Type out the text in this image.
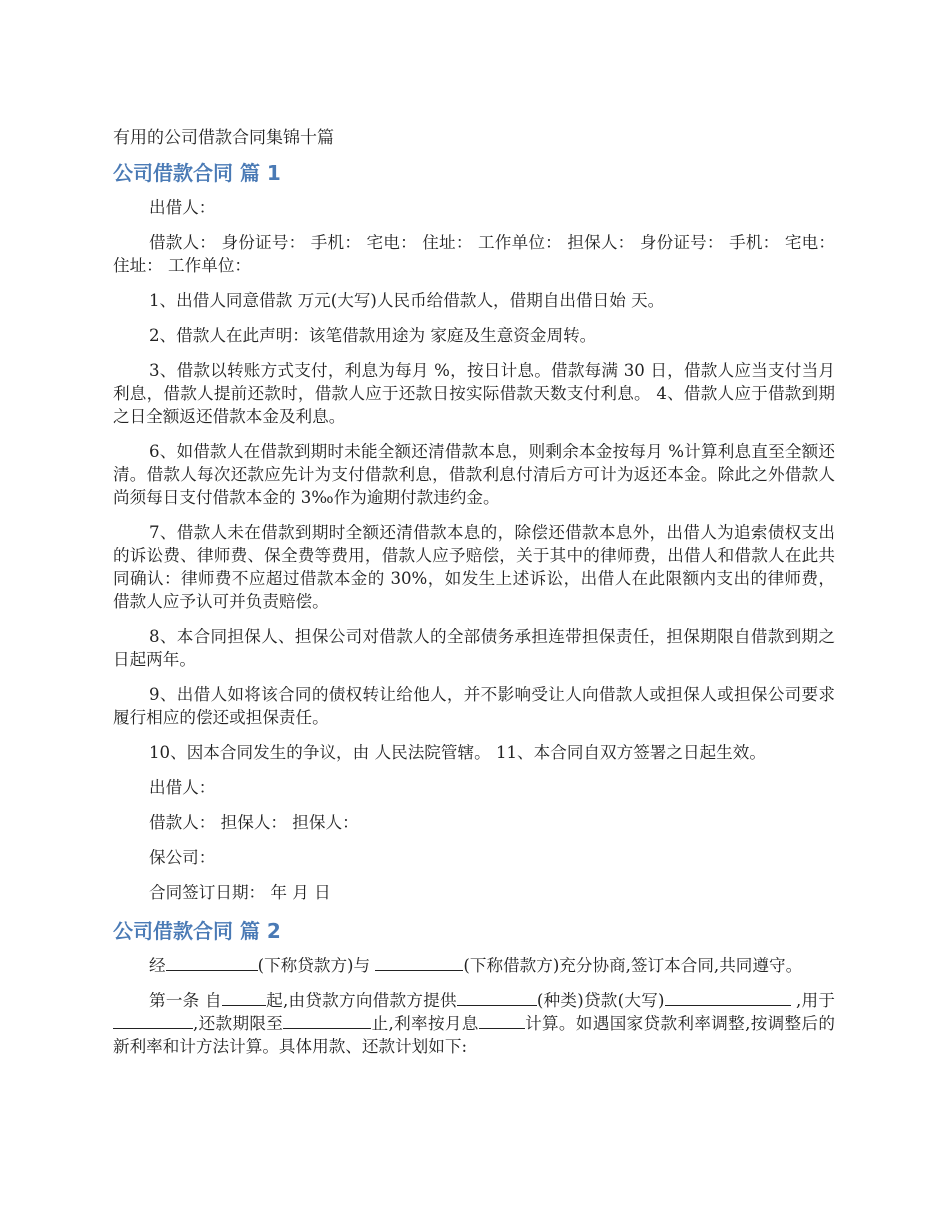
有用的公司借款合同集锦十篇
公司借款合同 篇 1

出借人：

借款人： 身份证号： 手机： 宅电： 住址： 工作单位： 担保人： 身份证号： 手机： 宅电： 住址： 工作单位：

1、出借人同意借款 万元(大写)人民币给借款人，借期自出借日始 天。

2、借款人在此声明：该笔借款用途为 家庭及生意资金周转。

3、借款以转账方式支付，利息为每月 %，按日计息。借款每满 30 日，借款人应当支付当月利息，借款人提前还款时，借款人应于还款日按实际借款天数支付利息。 4、借款人应于借款到期之日全额返还借款本金及利息。

6、如借款人在借款到期时未能全额还清借款本息，则剩余本金按每月 %计算利息直至全额还清。借款人每次还款应先计为支付借款利息，借款利息付清后方可计为返还本金。除此之外借款人尚须每日支付借款本金的 3‰作为逾期付款违约金。

7、借款人未在借款到期时全额还清借款本息的，除偿还借款本息外，出借人为追索债权支出的诉讼费、律师费、保全费等费用，借款人应予赔偿，关于其中的律师费，出借人和借款人在此共同确认：律师费不应超过借款本金的 30%，如发生上述诉讼，出借人在此限额内支出的律师费，借款人应予认可并负责赔偿。

8、本合同担保人、担保公司对借款人的全部债务承担连带担保责任，担保期限自借款到期之日起两年。

9、出借人如将该合同的债权转让给他人，并不影响受让人向借款人或担保人或担保公司要求履行相应的偿还或担保责任。

10、因本合同发生的争议，由 人民法院管辖。 11、本合同自双方签署之日起生效。

出借人：

借款人： 担保人： 担保人：

保公司：

合同签订日期： 年 月 日

公司借款合同 篇 2

经	(下称贷款方)与	(下称借款方)充分协商,签订本合同,共同遵守。

第一条 自	起,由贷款方向借款方提供	(种类)贷款(大写)	,用于,还款期限至	止,利率按月息	计算。如遇国家贷款利率调整,按调整后的新利率和计方法计算。具体用款、还款计划如下:
